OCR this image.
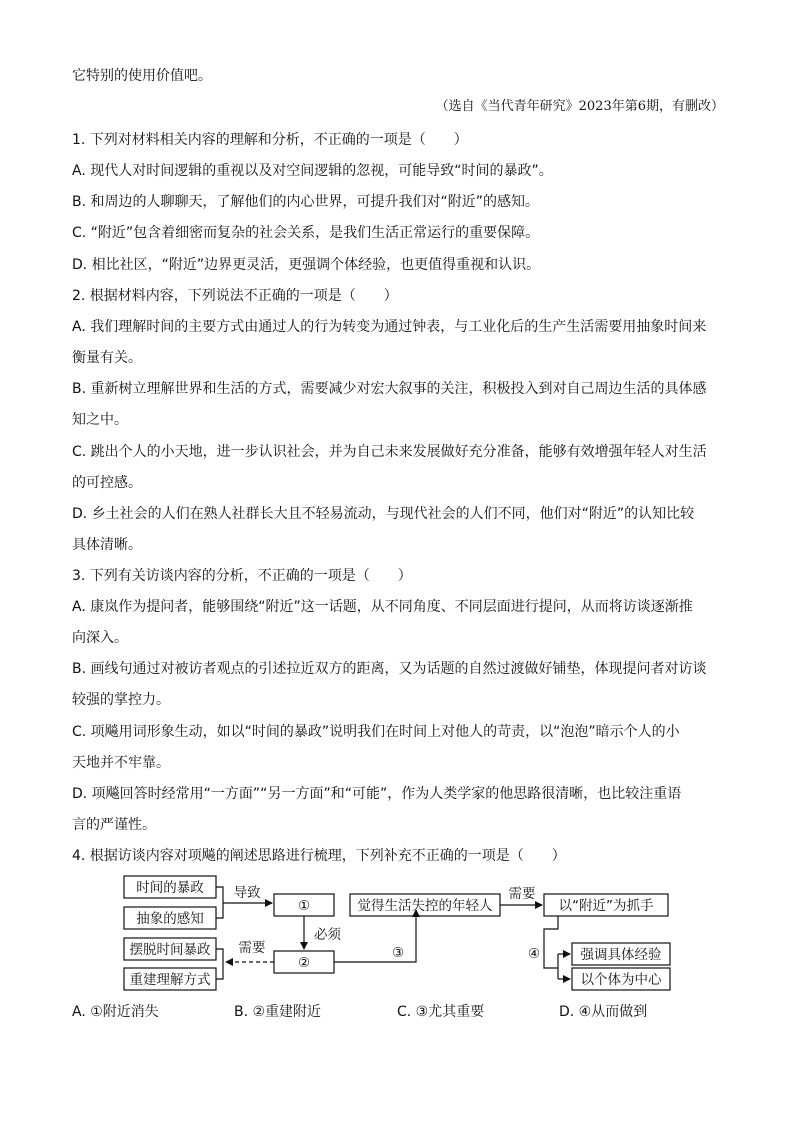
它特别的使用价值吧。
（选自《当代青年研究》2023年第6期，有删改）
1. 下列对材料相关内容的理解和分析，不正确的一项是（　　）
A. 现代人对时间逻辑的重视以及对空间逻辑的忽视，可能导致“时间的暴政”。
B. 和周边的人聊聊天，了解他们的内心世界，可提升我们对“附近”的感知。
C. “附近”包含着细密而复杂的社会关系，是我们生活正常运行的重要保障。
D. 相比社区，“附近”边界更灵活，更强调个体经验，也更值得重视和认识。
2. 根据材料内容，下列说法不正确的一项是（　　）
A. 我们理解时间的主要方式由通过人的行为转变为通过钟表，与工业化后的生产生活需要用抽象时间来
衡量有关。
B. 重新树立理解世界和生活的方式，需要减少对宏大叙事的关注，积极投入到对自己周边生活的具体感
知之中。
C. 跳出个人的小天地，进一步认识社会，并为自己未来发展做好充分准备，能够有效增强年轻人对生活
的可控感。
D. 乡土社会的人们在熟人社群长大且不轻易流动，与现代社会的人们不同，他们对“附近”的认知比较
具体清晰。
3. 下列有关访谈内容的分析，不正确的一项是（　　）
A. 康岚作为提问者，能够围绕“附近”这一话题，从不同角度、不同层面进行提问，从而将访谈逐渐推
向深入。
B. 画线句通过对被访者观点的引述拉近双方的距离，又为话题的自然过渡做好铺垫，体现提问者对访谈
较强的掌控力。
C. 项飚用词形象生动，如以“时间的暴政”说明我们在时间上对他人的苛责，以“泡泡”暗示个人的小
天地并不牢靠。
D. 项飚回答时经常用“一方面”“另一方面”和“可能”，作为人类学家的他思路很清晰，也比较注重语
言的严谨性。
4. 根据访谈内容对项飚的阐述思路进行梳理，下列补充不正确的一项是（　　）
时间的暴政
抽象的感知
导致
①
必须
②
摆脱时间暴政
重建理解方式
需要	③
觉得生活失控的年轻人
需要
以“附近”为抓手
④	强调具体经验
以个体为中心
A. ①附近消失	B. ②重建附近	C. ③尤其重要	D. ④从而做到
